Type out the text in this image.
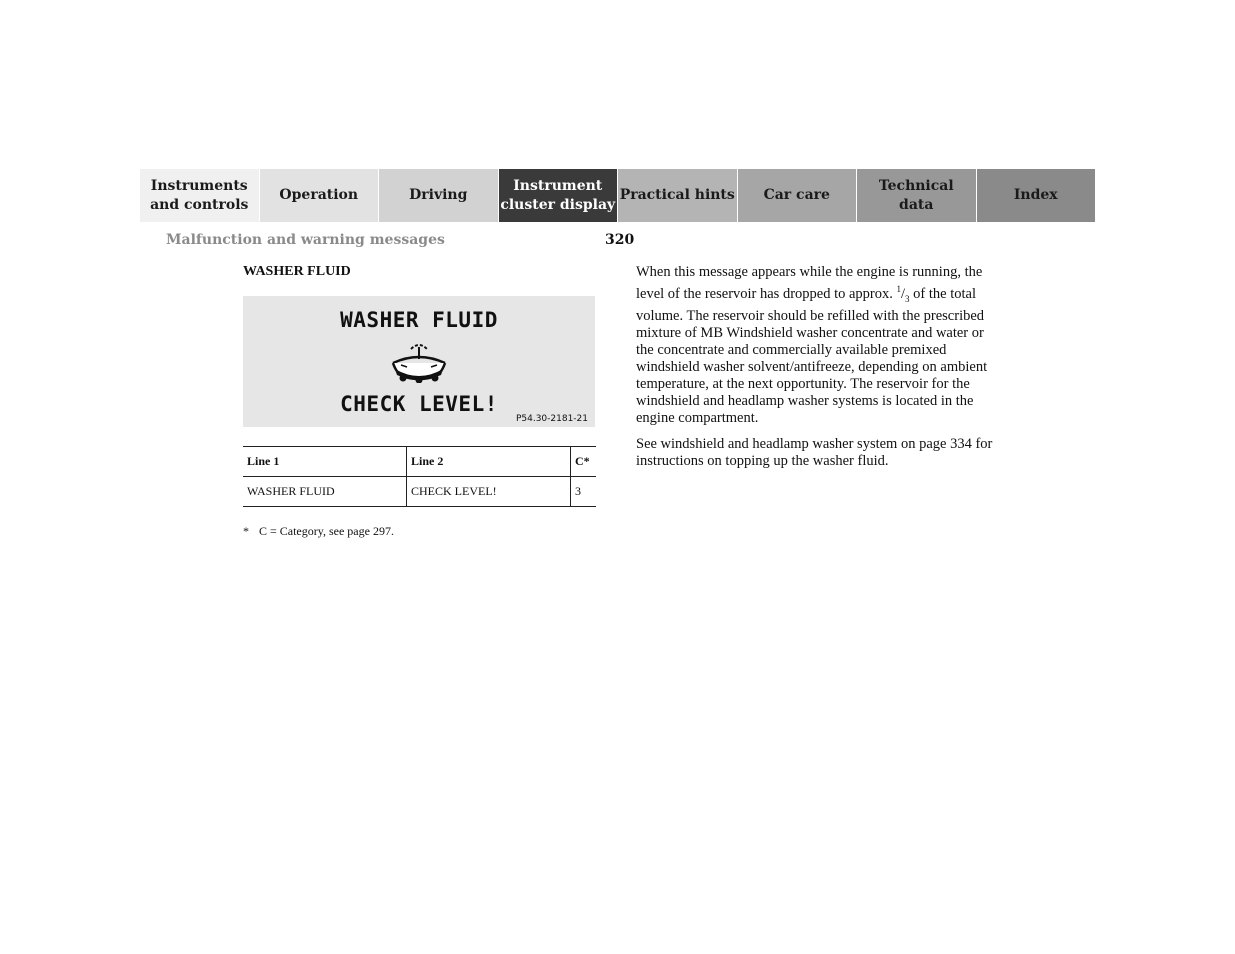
Instruments
and controls
Operation	Driving
Instrument
cluster display
Practical hints Car care
Technical
data
Index
Malfunction and warning messages	320
WASHER FLUID
WASHER FLUID
CHECK LEVEL!
P54.30-2181-21
Line 1	Line 2	C*
WASHER FLUID	CHECK LEVEL!	3
* C = Category, see page 297.

When this message appears while the engine is running, the level of the reservoir has dropped to approx. $^1/_3$ of the total volume. The reservoir should be refilled with the prescribed mixture of MB Windshield washer concentrate and water or the concentrate and commercially available premixed windshield washer solvent/antifreeze, depending on ambient temperature, at the next opportunity. The reservoir for the windshield and headlamp washer systems is located in the engine compartment.

See windshield and headlamp washer system on page 334 for instructions on topping up the washer fluid.
